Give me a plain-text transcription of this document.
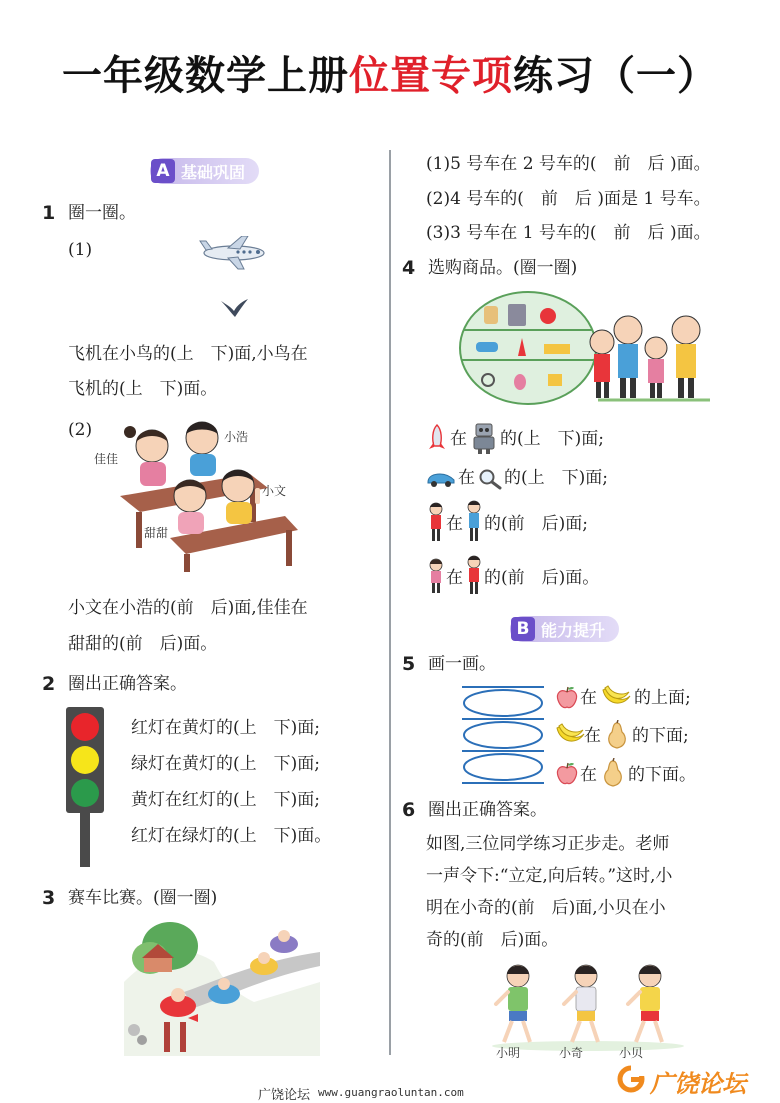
一年级数学上册位置专项练习（一）
A 基础巩固
1 圈一圈。
(1)
飞机在小鸟的(上　下)面,小鸟在
飞机的(上　下)面。
(2)
佳佳
小浩
小文
甜甜
小文在小浩的(前　后)面,佳佳在
甜甜的(前　后)面。
2 圈出正确答案。
红灯在黄灯的(上　下)面;
绿灯在黄灯的(上　下)面;
黄灯在红灯的(上　下)面;
红灯在绿灯的(上　下)面。
3 赛车比赛。(圈一圈)
(1)5 号车在 2 号车的(　前　后 )面。
(2)4 号车的(　前　后 )面是 1 号车。
(3)3 号车在 1 号车的(　前　后 )面。
4 选购商品。(圈一圈)
在 的(上　下)面;
在 的(上　下)面;
在 的(前　后)面;
在 的(前　后)面。
B 能力提升
5 画一画。
在 的上面;
在 的下面;
在 的下面。
6 圈出正确答案。
如图,三位同学练习正步走。老师
一声令下:“立定,向后转。”这时,小
明在小奇的(前　后)面,小贝在小
奇的(前　后)面。
小明	小奇	小贝
广饶论坛 www.guangraoluntan.com	广饶论坛
